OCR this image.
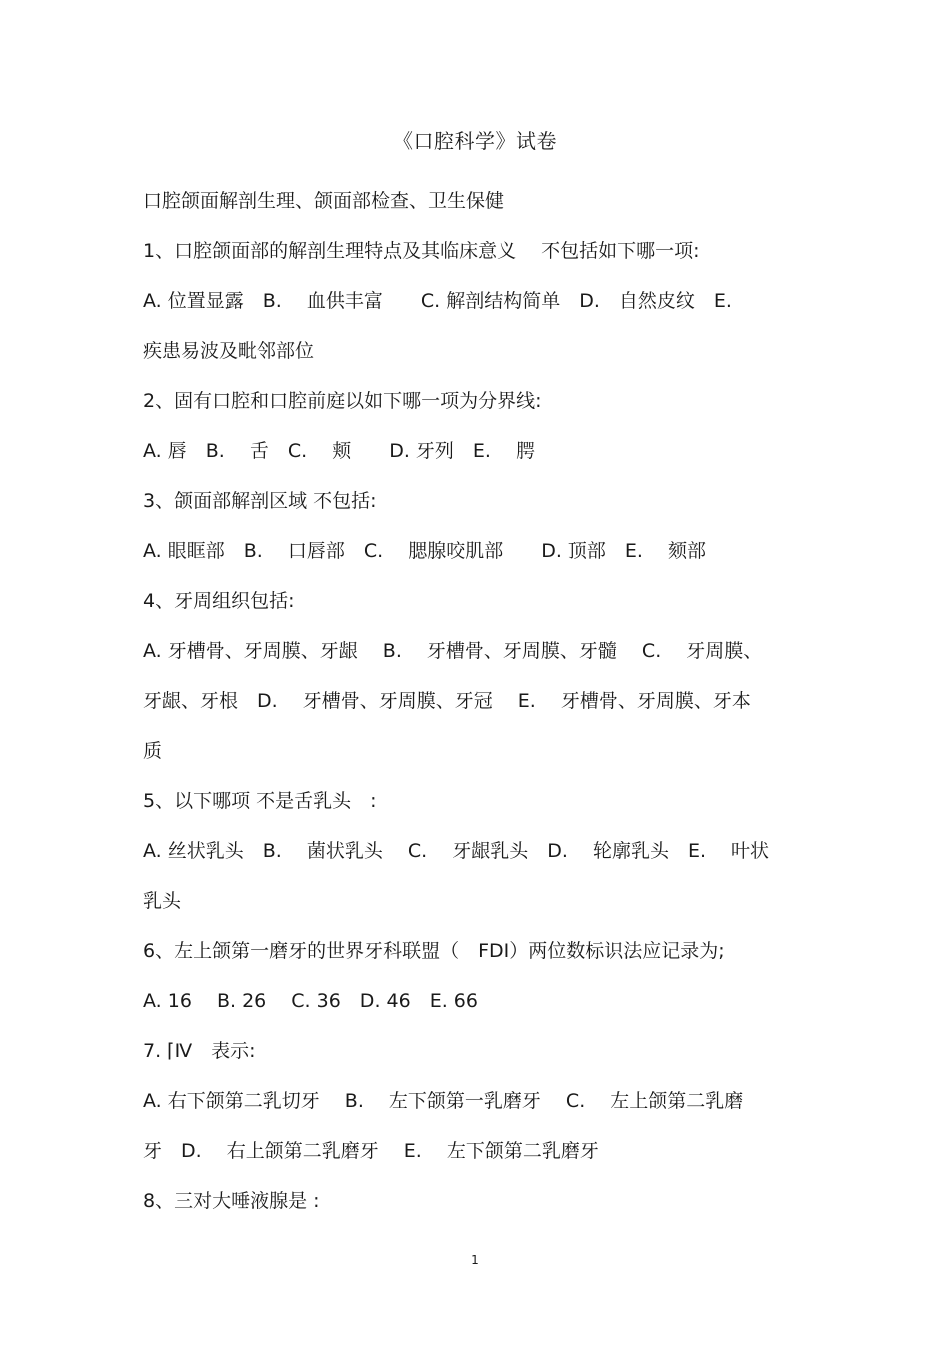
《口腔科学》试卷
口腔颌面解剖生理、颌面部检查、卫生保健
1、口腔颌面部的解剖生理特点及其临床意义　 不包括如下哪一项:
A. 位置显露　B.　 血供丰富　　C. 解剖结构简单　D.　自然皮纹　E.
疾患易波及毗邻部位
2、固有口腔和口腔前庭以如下哪一项为分界线:
A. 唇　B.　 舌　C.　 颊　　D. 牙列　E.　 腭
3、颌面部解剖区域 不包括:
A. 眼眶部　B.　 口唇部　C.　 腮腺咬肌部　　D. 顶部　E.　 颏部
4、牙周组织包括:
A. 牙槽骨、牙周膜、牙龈　 B.　 牙槽骨、牙周膜、牙髓　 C.　 牙周膜、
牙龈、牙根　D.　 牙槽骨、牙周膜、牙冠　 E.　 牙槽骨、牙周膜、牙本
质
5、以下哪项 不是舌乳头　:
A. 丝状乳头　B.　 菌状乳头　 C.　 牙龈乳头　D.　 轮廓乳头　E.　 叶状
乳头
6、左上颌第一磨牙的世界牙科联盟（　FDI）两位数标识法应记录为;
A. 16　 B. 26　 C. 36　D. 46　E. 66
7. ⌈Ⅳ　表示:
A. 右下颌第二乳切牙　 B.　 左下颌第一乳磨牙　 C.　 左上颌第二乳磨
牙　D.　 右上颌第二乳磨牙　 E.　 左下颌第二乳磨牙
8、三对大唾液腺是 :
1
